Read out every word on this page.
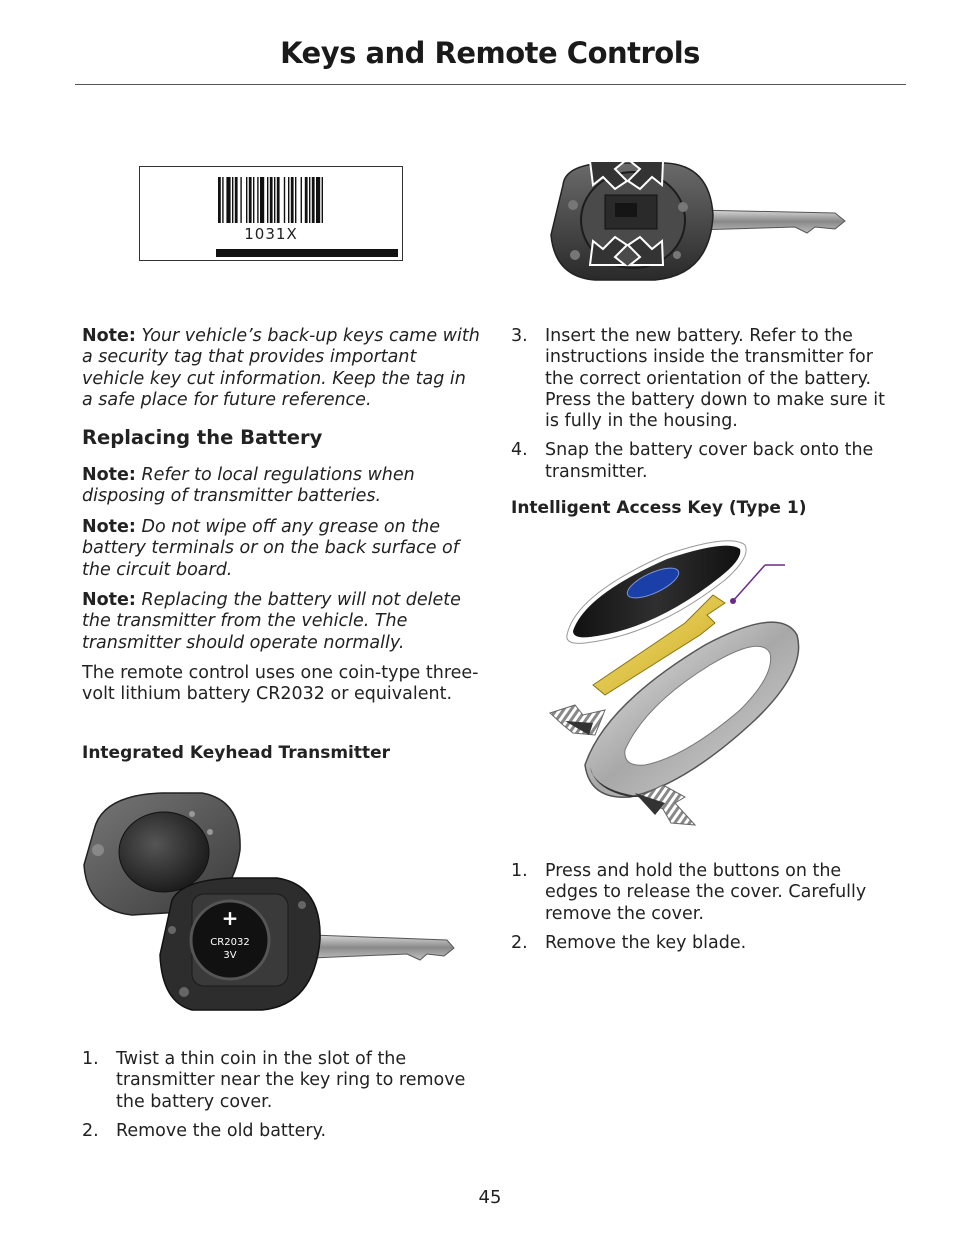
Keys and Remote Controls
1031X

Note: Your vehicle’s back-up keys came with a security tag that provides important vehicle key cut information. Keep the tag in a safe place for future reference.

Replacing the Battery

Note: Refer to local regulations when disposing of transmitter batteries.

Note: Do not wipe off any grease on the battery terminals or on the back surface of the circuit board.

Note: Replacing the battery will not delete the transmitter from the vehicle. The transmitter should operate normally.

The remote control uses one coin-type three-volt lithium battery CR2032 or equivalent.

Integrated Keyhead Transmitter
+
CR2032
3V
1. Twist a thin coin in the slot of the transmitter near the key ring to remove the battery cover.
2. Remove the old battery.
3. Insert the new battery. Refer to the instructions inside the transmitter for the correct orientation of the battery. Press the battery down to make sure it is fully in the housing.
4. Snap the battery cover back onto the transmitter.
Intelligent Access Key (Type 1)
1. Press and hold the buttons on the edges to release the cover. Carefully remove the cover.
2. Remove the key blade.
45
